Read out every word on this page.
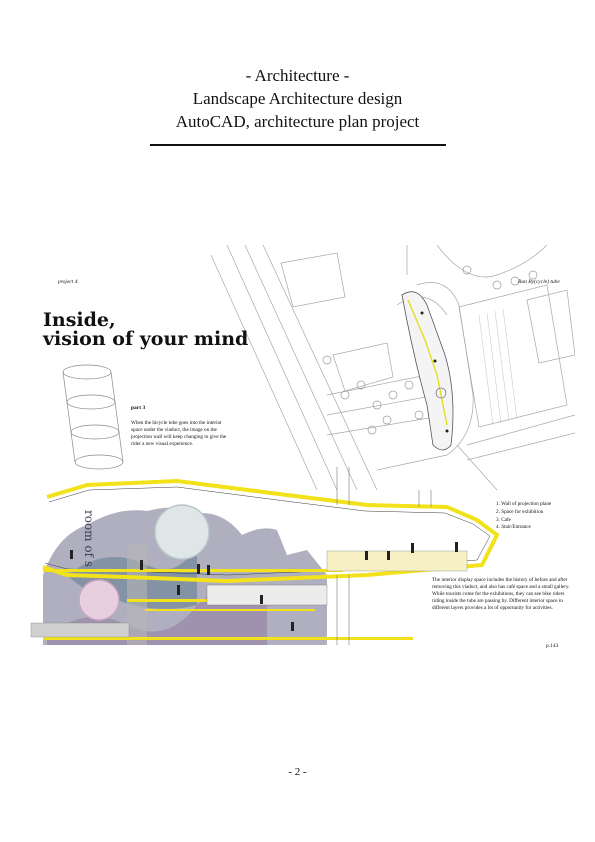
- Architecture -
Landscape Architecture design
AutoCAD, architecture plan project
project 4.	Run By(cycle) tube
Inside,
vision of your mind
room of s
part 3
When the bicycle tube goes into the interior space under the viaduct, the image on the projection wall will keep changing to give the rider a new visual experience.
1. Wall of projection plane
2. Space for exhibition
3. Cafe
4. Stair/Entrance
The interior display space includes the history of before and after removing this viaduct, and also has café space and a small gallery. While tourists come for the exhibitions, they can see bike riders riding inside the tube are passing by. Different interior space in different layers provides a lot of opportunity for activities.
p.143
- 2 -
